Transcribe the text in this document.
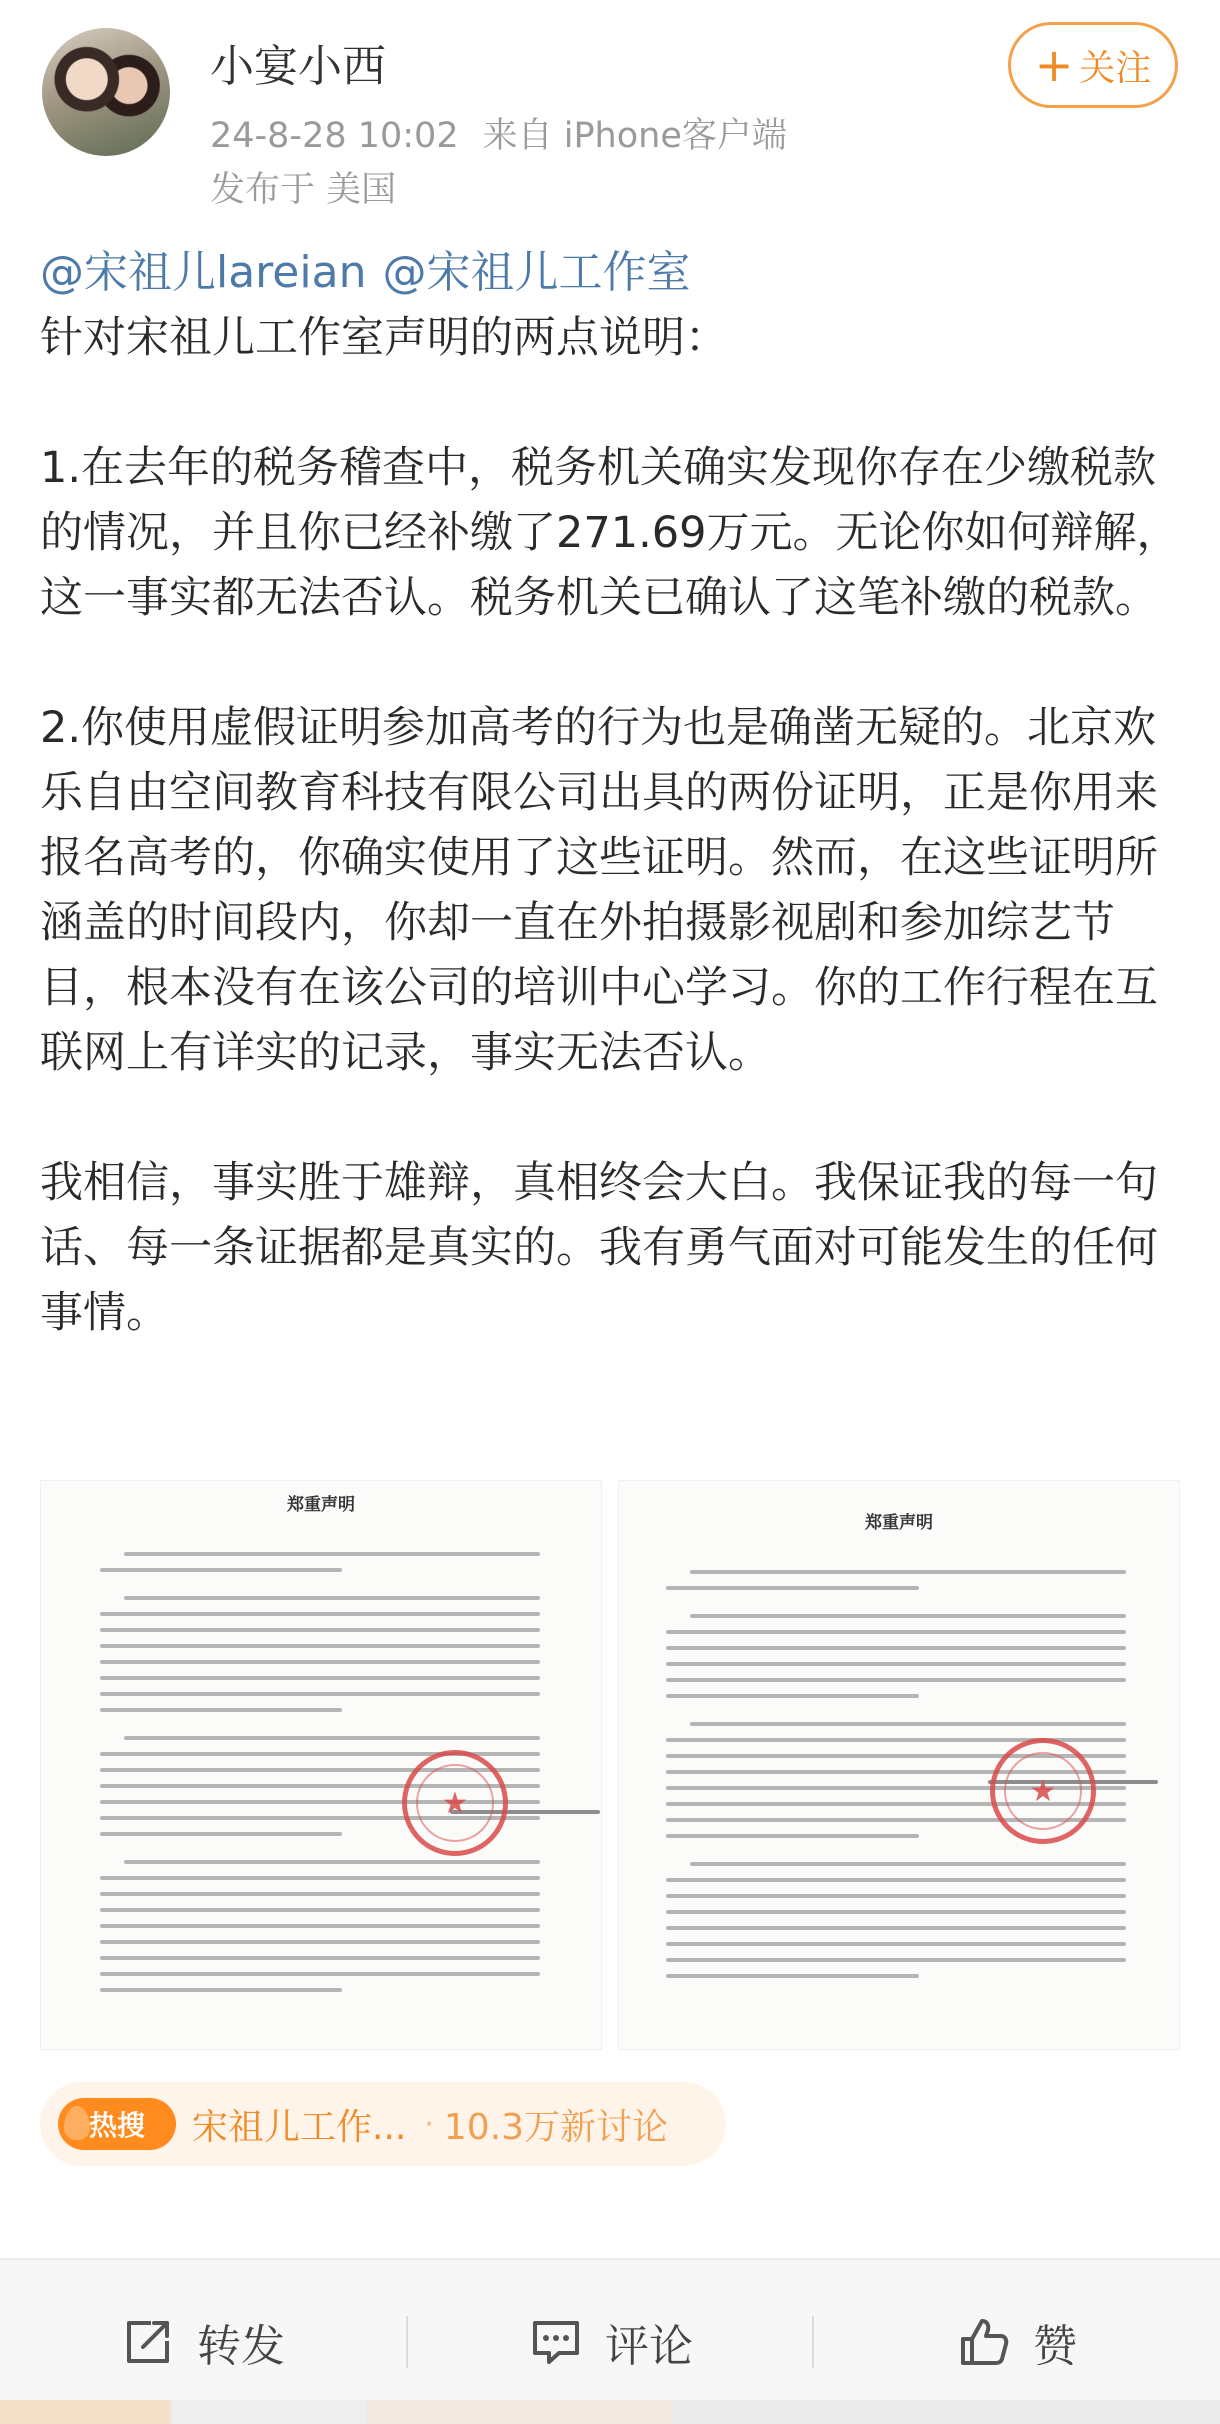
小宴小西
24-8-28 10:02 来自 iPhone客户端
发布于 美国
+ 关注
@宋祖儿lareian @宋祖儿工作室

针对宋祖儿工作室声明的两点说明：

1.在去年的税务稽查中，税务机关确实发现你存在少缴税款的情况，并且你已经补缴了271.69万元。无论你如何辩解，这一事实都无法否认。税务机关已确认了这笔补缴的税款。

2.你使用虚假证明参加高考的行为也是确凿无疑的。北京欢乐自由空间教育科技有限公司出具的两份证明，正是你用来报名高考的，你确实使用了这些证明。然而，在这些证明所涵盖的时间段内，你却一直在外拍摄影视剧和参加综艺节目，根本没有在该公司的培训中心学习。你的工作行程在互联网上有详实的记录，事实无法否认。

我相信，事实胜于雄辩，真相终会大白。我保证我的每一句话、每一条证据都是真实的。我有勇气面对可能发生的任何事情。

郑重声明
★
郑重声明
★
热搜 宋祖儿工作... · 10.3万新讨论
转发	评论	赞
